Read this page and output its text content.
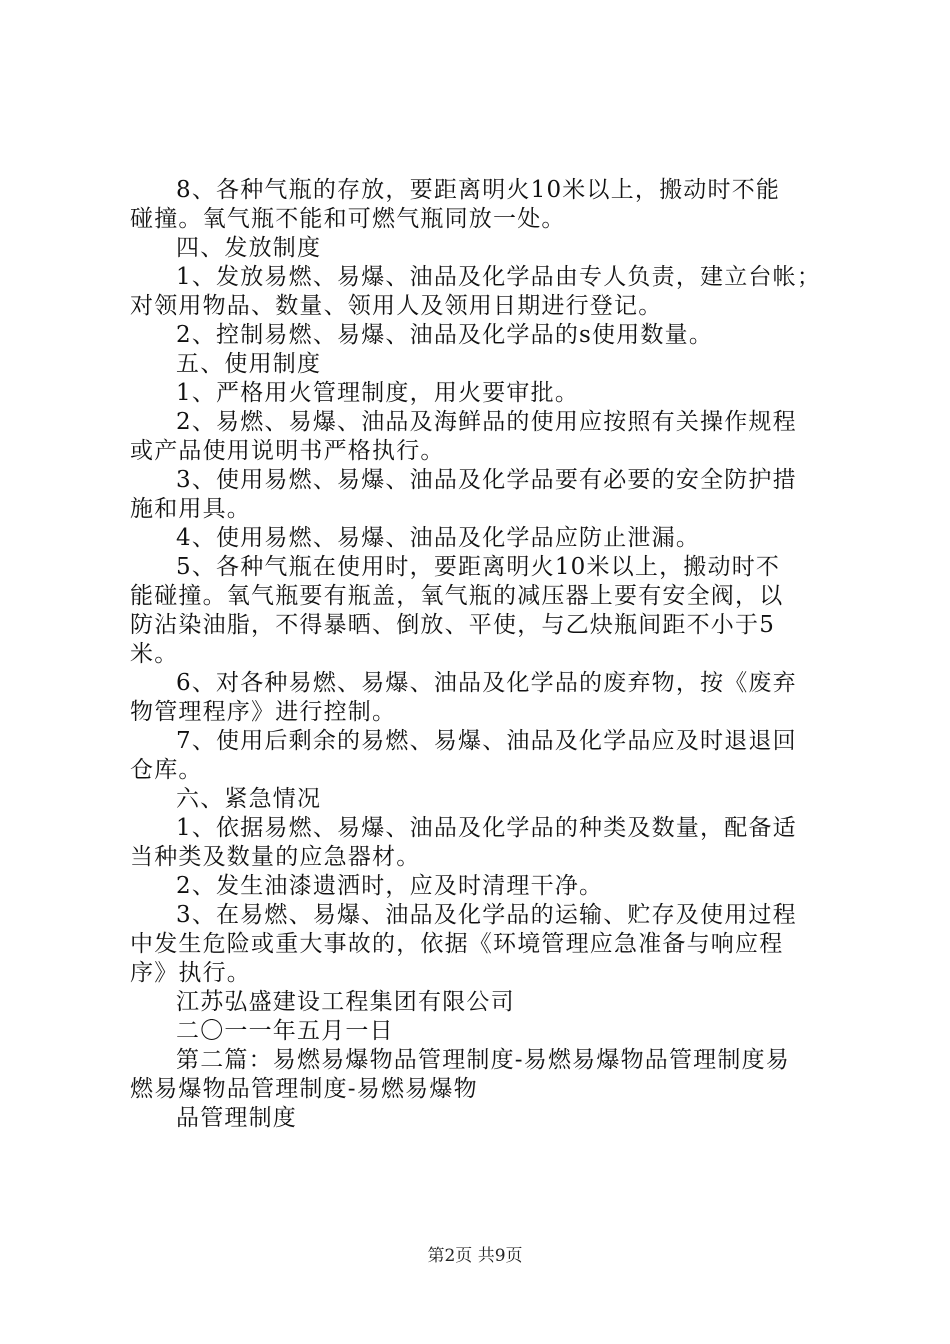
8、各种气瓶的存放，要距离明火10米以上，搬动时不能

碰撞。氧气瓶不能和可燃气瓶同放一处。

四、发放制度

1、发放易燃、易爆、油品及化学品由专人负责，建立台帐；

对领用物品、数量、领用人及领用日期进行登记。

2、控制易燃、易爆、油品及化学品的s使用数量。

五、使用制度

1、严格用火管理制度，用火要审批。

2、易燃、易爆、油品及海鲜品的使用应按照有关操作规程

或产品使用说明书严格执行。

3、使用易燃、易爆、油品及化学品要有必要的安全防护措

施和用具。

4、使用易燃、易爆、油品及化学品应防止泄漏。

5、各种气瓶在使用时，要距离明火10米以上，搬动时不

能碰撞。氧气瓶要有瓶盖，氧气瓶的减压器上要有安全阀，以

防沾染油脂，不得暴晒、倒放、平使，与乙炔瓶间距不小于5

米。

6、对各种易燃、易爆、油品及化学品的废弃物，按《废弃

物管理程序》进行控制。

7、使用后剩余的易燃、易爆、油品及化学品应及时退退回

仓库。

六、紧急情况

1、依据易燃、易爆、油品及化学品的种类及数量，配备适

当种类及数量的应急器材。

2、发生油漆遗洒时，应及时清理干净。

3、在易燃、易爆、油品及化学品的运输、贮存及使用过程

中发生危险或重大事故的，依据《环境管理应急准备与响应程

序》执行。

江苏弘盛建设工程集团有限公司

二〇一一年五月一日

第二篇：易燃易爆物品管理制度-易燃易爆物品管理制度易

燃易爆物品管理制度-易燃易爆物

品管理制度

第2页 共9页
